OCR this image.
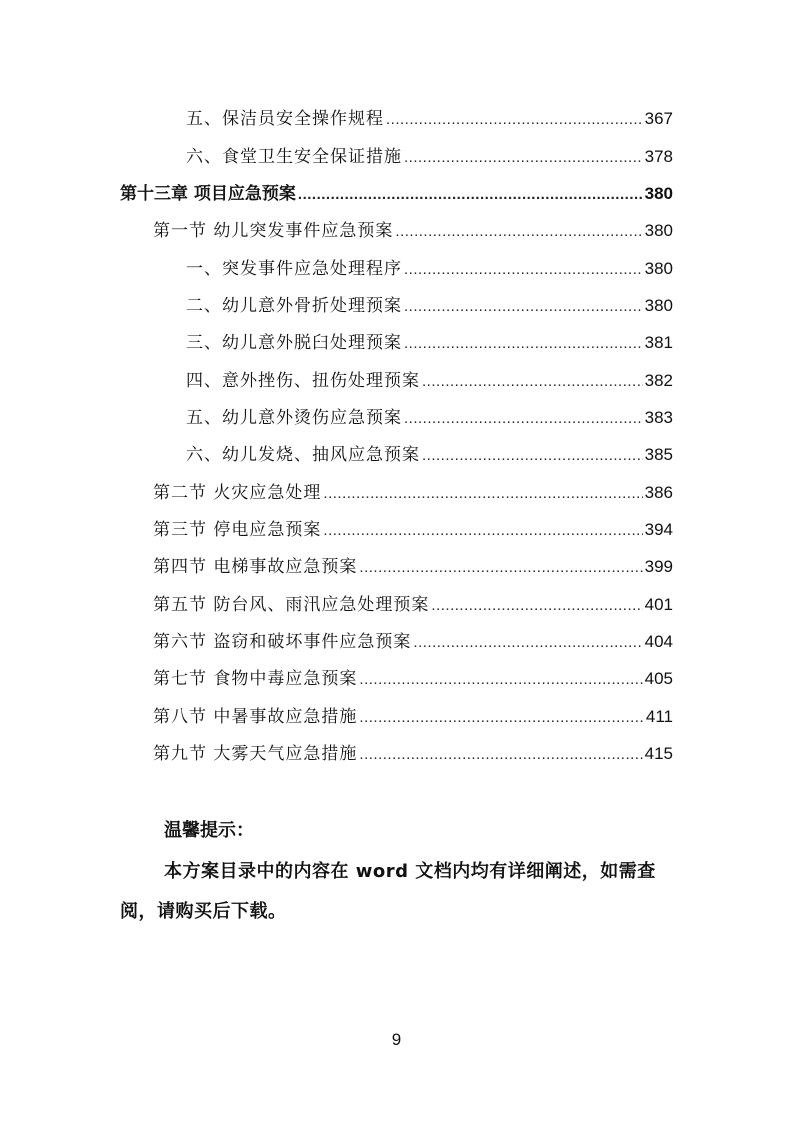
五、保洁员安全操作规程 .....	367
六、食堂卫生安全保证措施 .....	378
第十三章 项目应急预案 .....	380
第一节 幼儿突发事件应急预案 .....	380
一、突发事件应急处理程序 .....	380
二、幼儿意外骨折处理预案 .....	380
三、幼儿意外脱臼处理预案 .....	381
四、意外挫伤、扭伤处理预案 .....	382
五、幼儿意外烫伤应急预案 .....	383
六、幼儿发烧、抽风应急预案 .....	385
第二节 火灾应急处理 .....	386
第三节 停电应急预案 .....	394
第四节 电梯事故应急预案 .....	399
第五节 防台风、雨汛应急处理预案 .....	401
第六节 盗窃和破坏事件应急预案 .....	404
第七节 食物中毒应急预案 .....	405
第八节 中暑事故应急措施 .....	411
第九节 大雾天气应急措施 .....	415
温馨提示：
本方案目录中的内容在 word 文档内均有详细阐述，如需查阅，请购买后下载。
9
